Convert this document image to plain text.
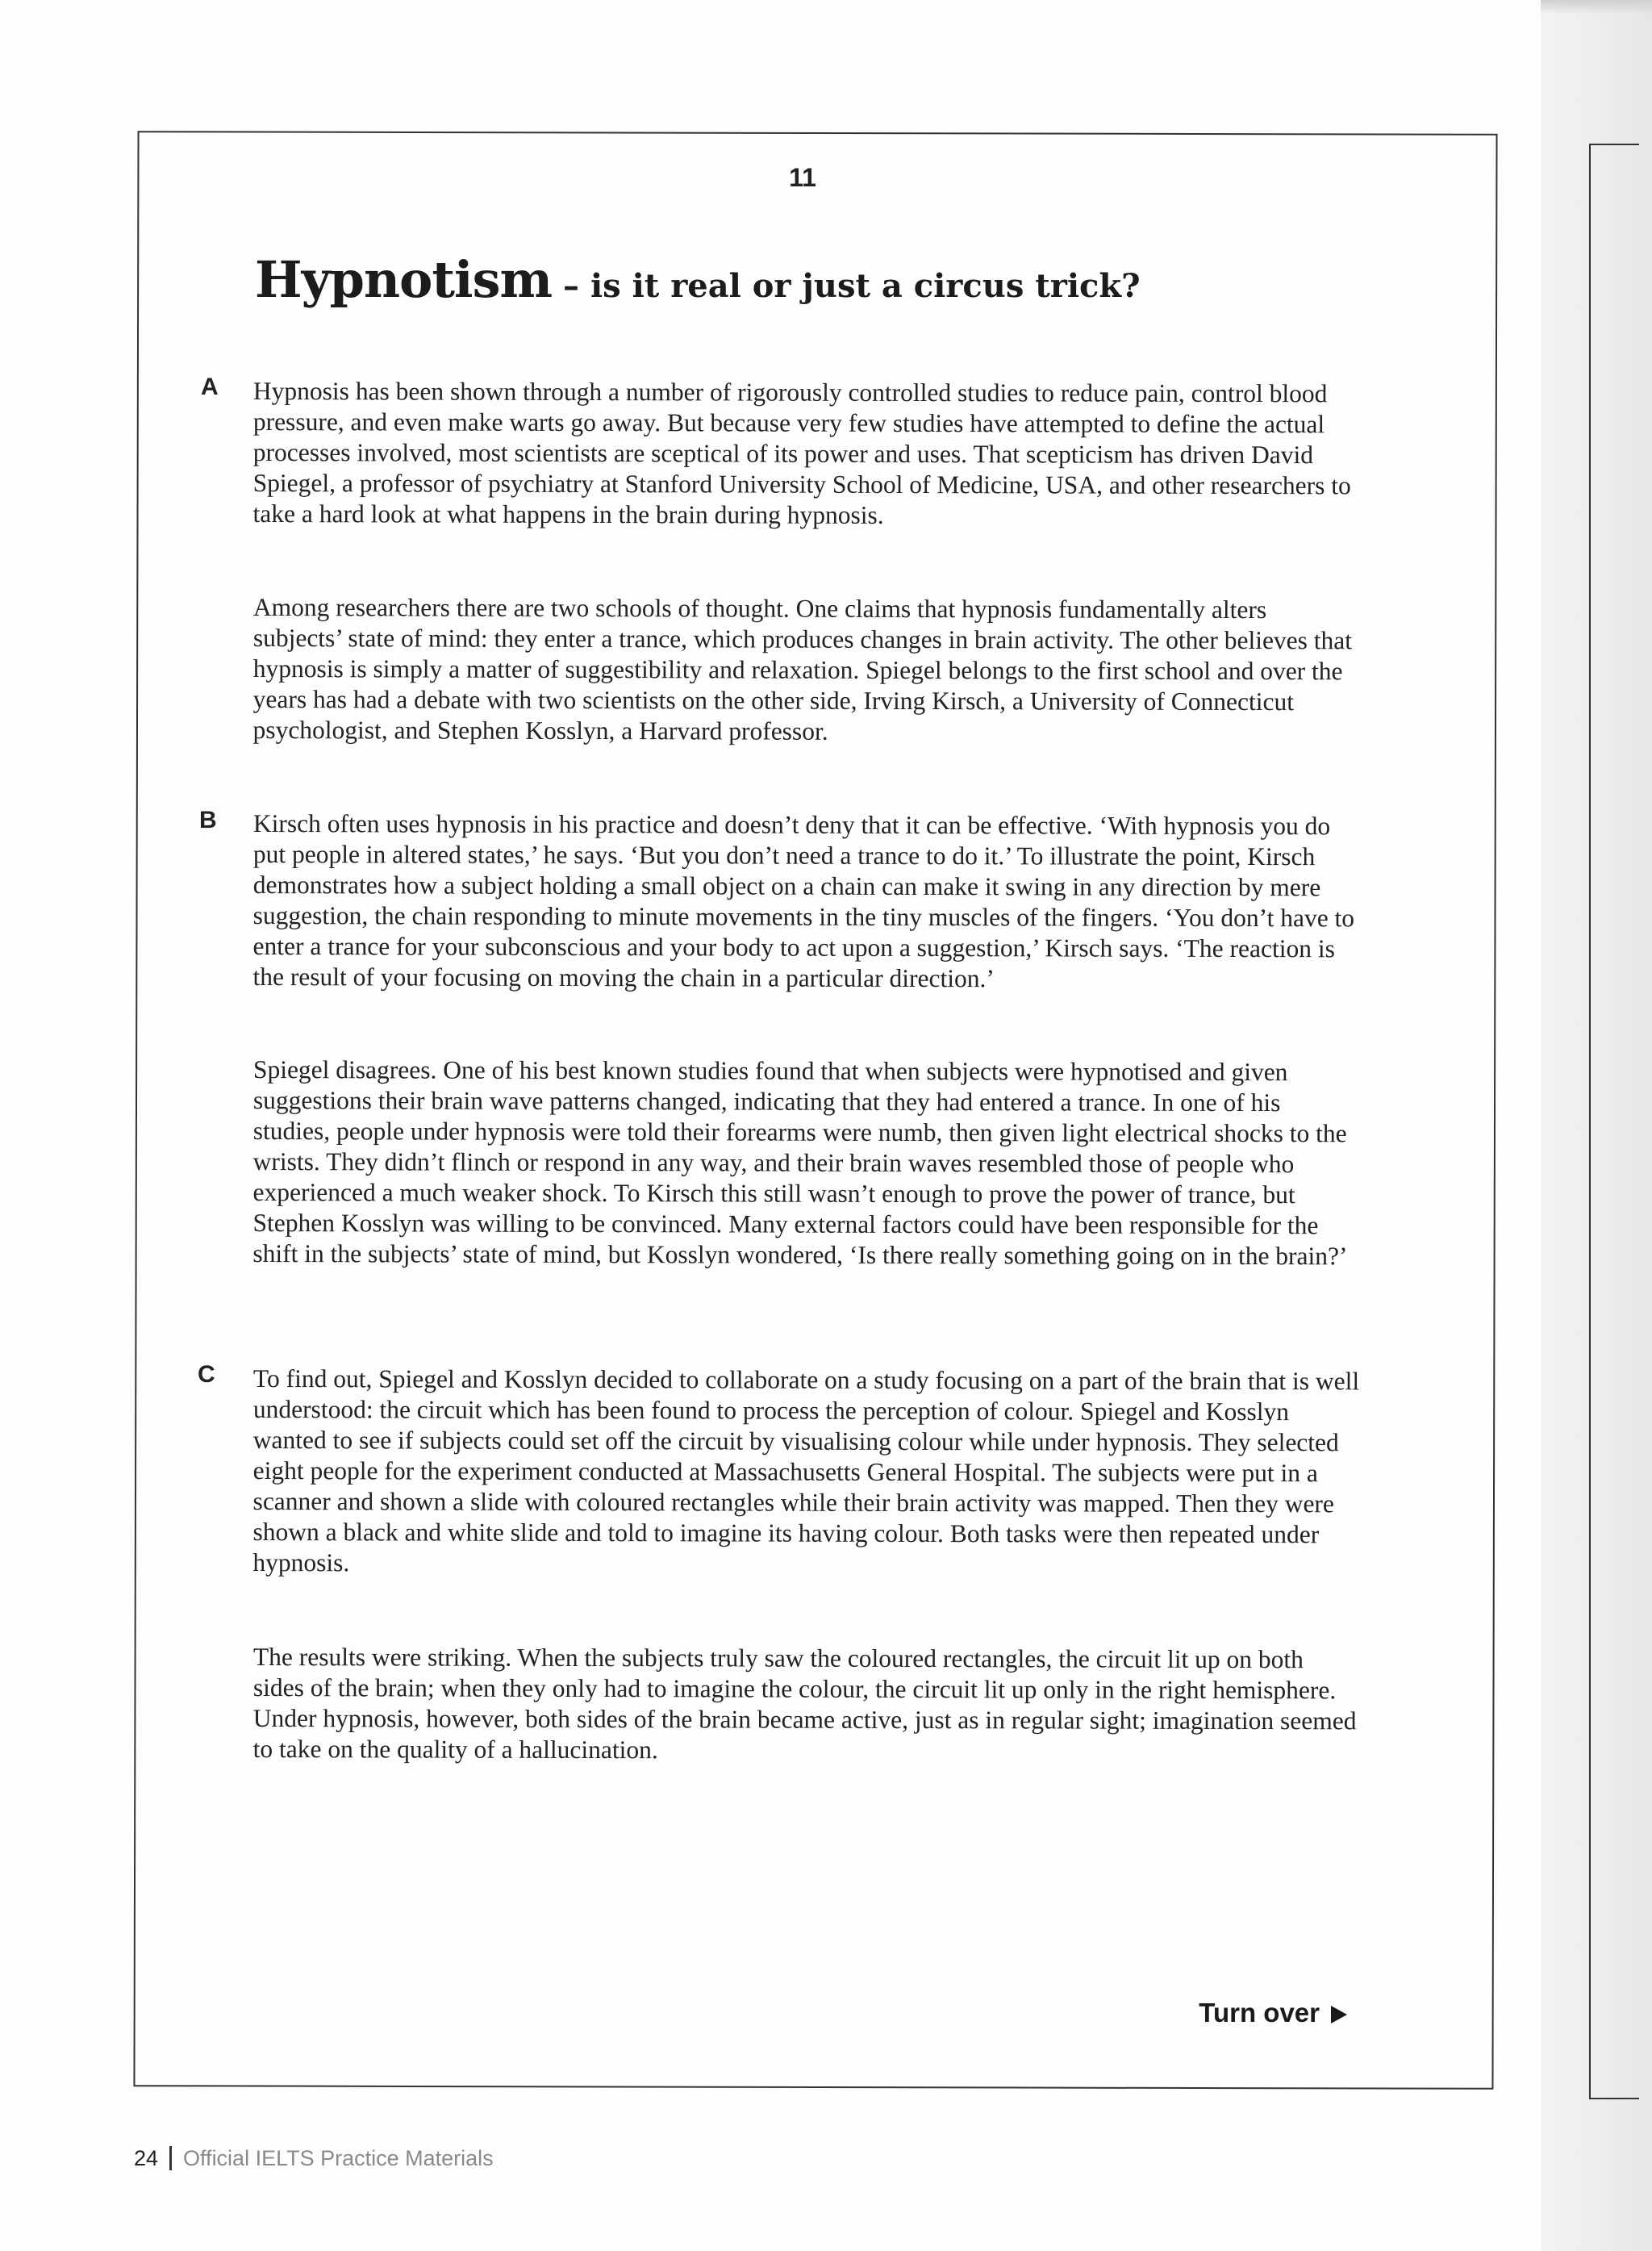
11
Hypnotism – is it real or just a circus trick?
A
B
C

Hypnosis has been shown through a number of rigorously controlled studies to reduce pain, control blood pressure, and even make warts go away. But because very few studies have attempted to define the actual processes involved, most scientists are sceptical of its power and uses. That scepticism has driven David Spiegel, a professor of psychiatry at Stanford University School of Medicine, USA, and other researchers to take a hard look at what happens in the brain during hypnosis.

Among researchers there are two schools of thought. One claims that hypnosis fundamentally alters subjects’ state of mind: they enter a trance, which produces changes in brain activity. The other believes that hypnosis is simply a matter of suggestibility and relaxation. Spiegel belongs to the first school and over the years has had a debate with two scientists on the other side, Irving Kirsch, a University of Connecticut psychologist, and Stephen Kosslyn, a Harvard professor.

Kirsch often uses hypnosis in his practice and doesn’t deny that it can be effective. ‘With hypnosis you do put people in altered states,’ he says. ‘But you don’t need a trance to do it.’ To illustrate the point, Kirsch demonstrates how a subject holding a small object on a chain can make it swing in any direction by mere suggestion, the chain responding to minute movements in the tiny muscles of the fingers. ‘You don’t have to enter a trance for your subconscious and your body to act upon a suggestion,’ Kirsch says. ‘The reaction is the result of your focusing on moving the chain in a particular direction.’

Spiegel disagrees. One of his best known studies found that when subjects were hypnotised and given suggestions their brain wave patterns changed, indicating that they had entered a trance. In one of his studies, people under hypnosis were told their forearms were numb, then given light electrical shocks to the wrists. They didn’t flinch or respond in any way, and their brain waves resembled those of people who experienced a much weaker shock. To Kirsch this still wasn’t enough to prove the power of trance, but Stephen Kosslyn was willing to be convinced. Many external factors could have been responsible for the shift in the subjects’ state of mind, but Kosslyn wondered, ‘Is there really something going on in the brain?’

To find out, Spiegel and Kosslyn decided to collaborate on a study focusing on a part of the brain that is well understood: the circuit which has been found to process the perception of colour. Spiegel and Kosslyn wanted to see if subjects could set off the circuit by visualising colour while under hypnosis. They selected eight people for the experiment conducted at Massachusetts General Hospital. The subjects were put in a scanner and shown a slide with coloured rectangles while their brain activity was mapped. Then they were shown a black and white slide and told to imagine its having colour. Both tasks were then repeated under hypnosis.

The results were striking. When the subjects truly saw the coloured rectangles, the circuit lit up on both sides of the brain; when they only had to imagine the colour, the circuit lit up only in the right hemisphere. Under hypnosis, however, both sides of the brain became active, just as in regular sight; imagination seemed to take on the quality of a hallucination.

Turn over
24 Official IELTS Practice Materials
